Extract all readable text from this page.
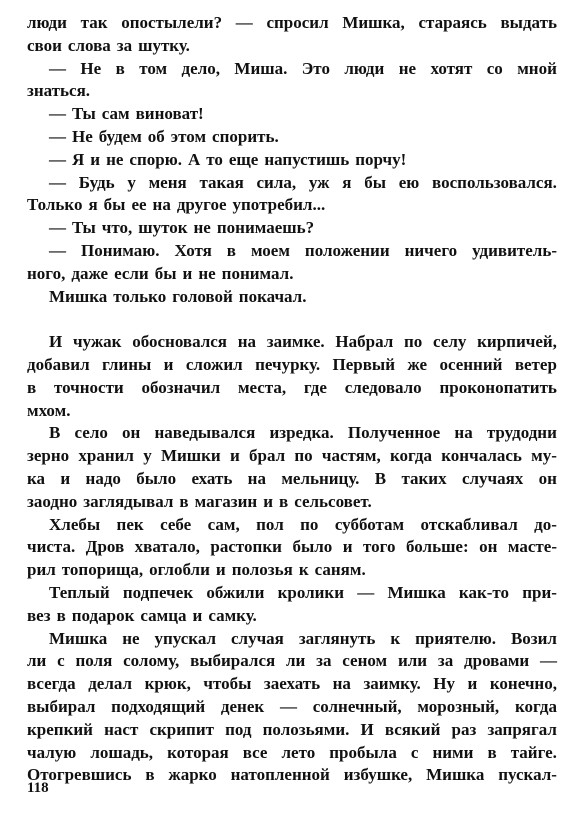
люди так опостылели? — спросил Мишка, стараясь выдать
свои слова за шутку.
— Не в том дело, Миша. Это люди не хотят со мной
знаться.
— Ты сам виноват!
— Не будем об этом спорить.
— Я и не спорю. А то еще напустишь порчу!
— Будь у меня такая сила, уж я бы ею воспользовался.
Только я бы ее на другое употребил...
— Ты что, шуток не понимаешь?
— Понимаю. Хотя в моем положении ничего удивитель-
ного, даже если бы и не понимал.
Мишка только головой покачал.
И чужак обосновался на заимке. Набрал по селу кирпичей,
добавил глины и сложил печурку. Первый же осенний ветер
в точности обозначил места, где следовало проконопатить
мхом.
В село он наведывался изредка. Полученное на трудодни
зерно хранил у Мишки и брал по частям, когда кончалась му-
ка и надо было ехать на мельницу. В таких случаях он
заодно заглядывал в магазин и в сельсовет.
Хлебы пек себе сам, пол по субботам отскабливал до-
чиста. Дров хватало, растопки было и того больше: он масте-
рил топорища, оглобли и полозья к саням.
Теплый подпечек обжили кролики — Мишка как-то при-
вез в подарок самца и самку.
Мишка не упускал случая заглянуть к приятелю. Возил
ли с поля солому, выбирался ли за сеном или за дровами —
всегда делал крюк, чтобы заехать на заимку. Ну и конечно,
выбирал подходящий денек — солнечный, морозный, когда
крепкий наст скрипит под полозьями. И всякий раз запрягал
чалую лошадь, которая все лето пробыла с ними в тайге.
Отогревшись в жарко натопленной избушке, Мишка пускал-
118
